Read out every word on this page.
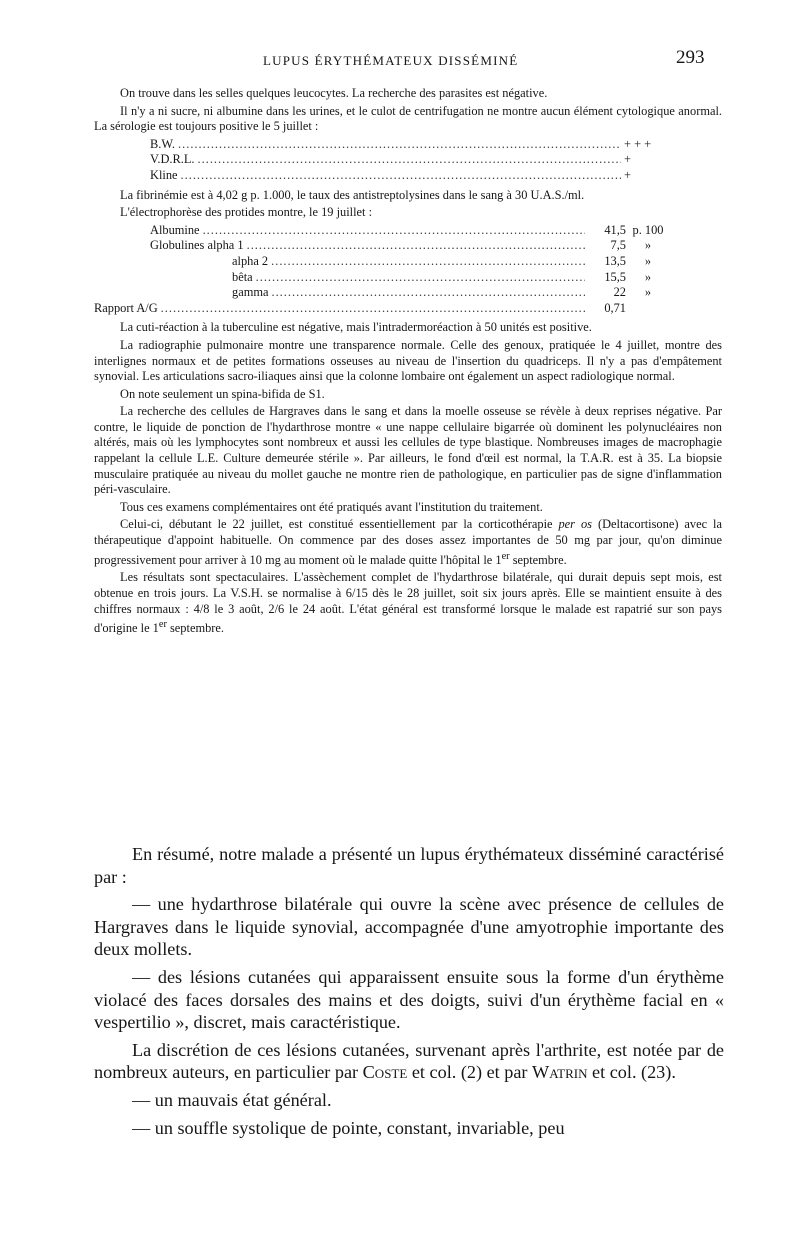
LUPUS ÉRYTHÉMATEUX DISSÉMINÉ	293

On trouve dans les selles quelques leucocytes. La recherche des parasites est négative.

Il n'y a ni sucre, ni albumine dans les urines, et le culot de centrifugation ne montre aucun élément cytologique anormal. La sérologie est toujours positive le 5 juillet :

B.W. .....	+ + +
V.D.R.L. .....	+
Kline .....	+

La fibrinémie est à 4,02 g p. 1.000, le taux des antistreptolysines dans le sang à 30 U.A.S./ml.

L'électrophorèse des protides montre, le 19 juillet :

Albumine .....	41,5 p. 100
Globulines alpha 1 .....	7,5 »
alpha 2 .....	13,5 »
bêta .....	15,5 »
gamma .....	22 »
Rapport A/G .....	0,71

La cuti-réaction à la tuberculine est négative, mais l'intradermoréaction à 50 unités est positive.

La radiographie pulmonaire montre une transparence normale. Celle des genoux, pratiquée le 4 juillet, montre des interlignes normaux et de petites formations osseuses au niveau de l'insertion du quadriceps. Il n'y a pas d'empâtement synovial. Les articulations sacro-iliaques ainsi que la colonne lombaire ont également un aspect radiologique normal.

On note seulement un spina-bifida de S1.

La recherche des cellules de Hargraves dans le sang et dans la moelle osseuse se révèle à deux reprises négative. Par contre, le liquide de ponction de l'hydarthrose montre « une nappe cellulaire bigarrée où dominent les polynucléaires non altérés, mais où les lymphocytes sont nombreux et aussi les cellules de type blastique. Nombreuses images de macrophagie rappelant la cellule L.E. Culture demeurée stérile ». Par ailleurs, le fond d'œil est normal, la T.A.R. est à 35. La biopsie musculaire pratiquée au niveau du mollet gauche ne montre rien de pathologique, en particulier pas de signe d'inflammation péri-vasculaire.

Tous ces examens complémentaires ont été pratiqués avant l'institution du traitement.

Celui-ci, débutant le 22 juillet, est constitué essentiellement par la corticothérapie per os (Deltacortisone) avec la thérapeutique d'appoint habituelle. On commence par des doses assez importantes de 50 mg par jour, qu'on diminue progressivement pour arriver à 10 mg au moment où le malade quitte l'hôpital le 1er septembre.

Les résultats sont spectaculaires. L'assèchement complet de l'hydarthrose bilatérale, qui durait depuis sept mois, est obtenue en trois jours. La V.S.H. se normalise à 6/15 dès le 28 juillet, soit six jours après. Elle se maintient ensuite à des chiffres normaux : 4/8 le 3 août, 2/6 le 24 août. L'état général est transformé lorsque le malade est rapatrié sur son pays d'origine le 1er septembre.

En résumé, notre malade a présenté un lupus érythémateux disséminé caractérisé par :

— une hydarthrose bilatérale qui ouvre la scène avec présence de cellules de Hargraves dans le liquide synovial, accompagnée d'une amyotrophie importante des deux mollets.

— des lésions cutanées qui apparaissent ensuite sous la forme d'un érythème violacé des faces dorsales des mains et des doigts, suivi d'un érythème facial en « vespertilio », discret, mais caractéristique.

La discrétion de ces lésions cutanées, survenant après l'arthrite, est notée par de nombreux auteurs, en particulier par Coste et col. (2) et par Watrin et col. (23).

— un mauvais état général.

— un souffle systolique de pointe, constant, invariable, peu
